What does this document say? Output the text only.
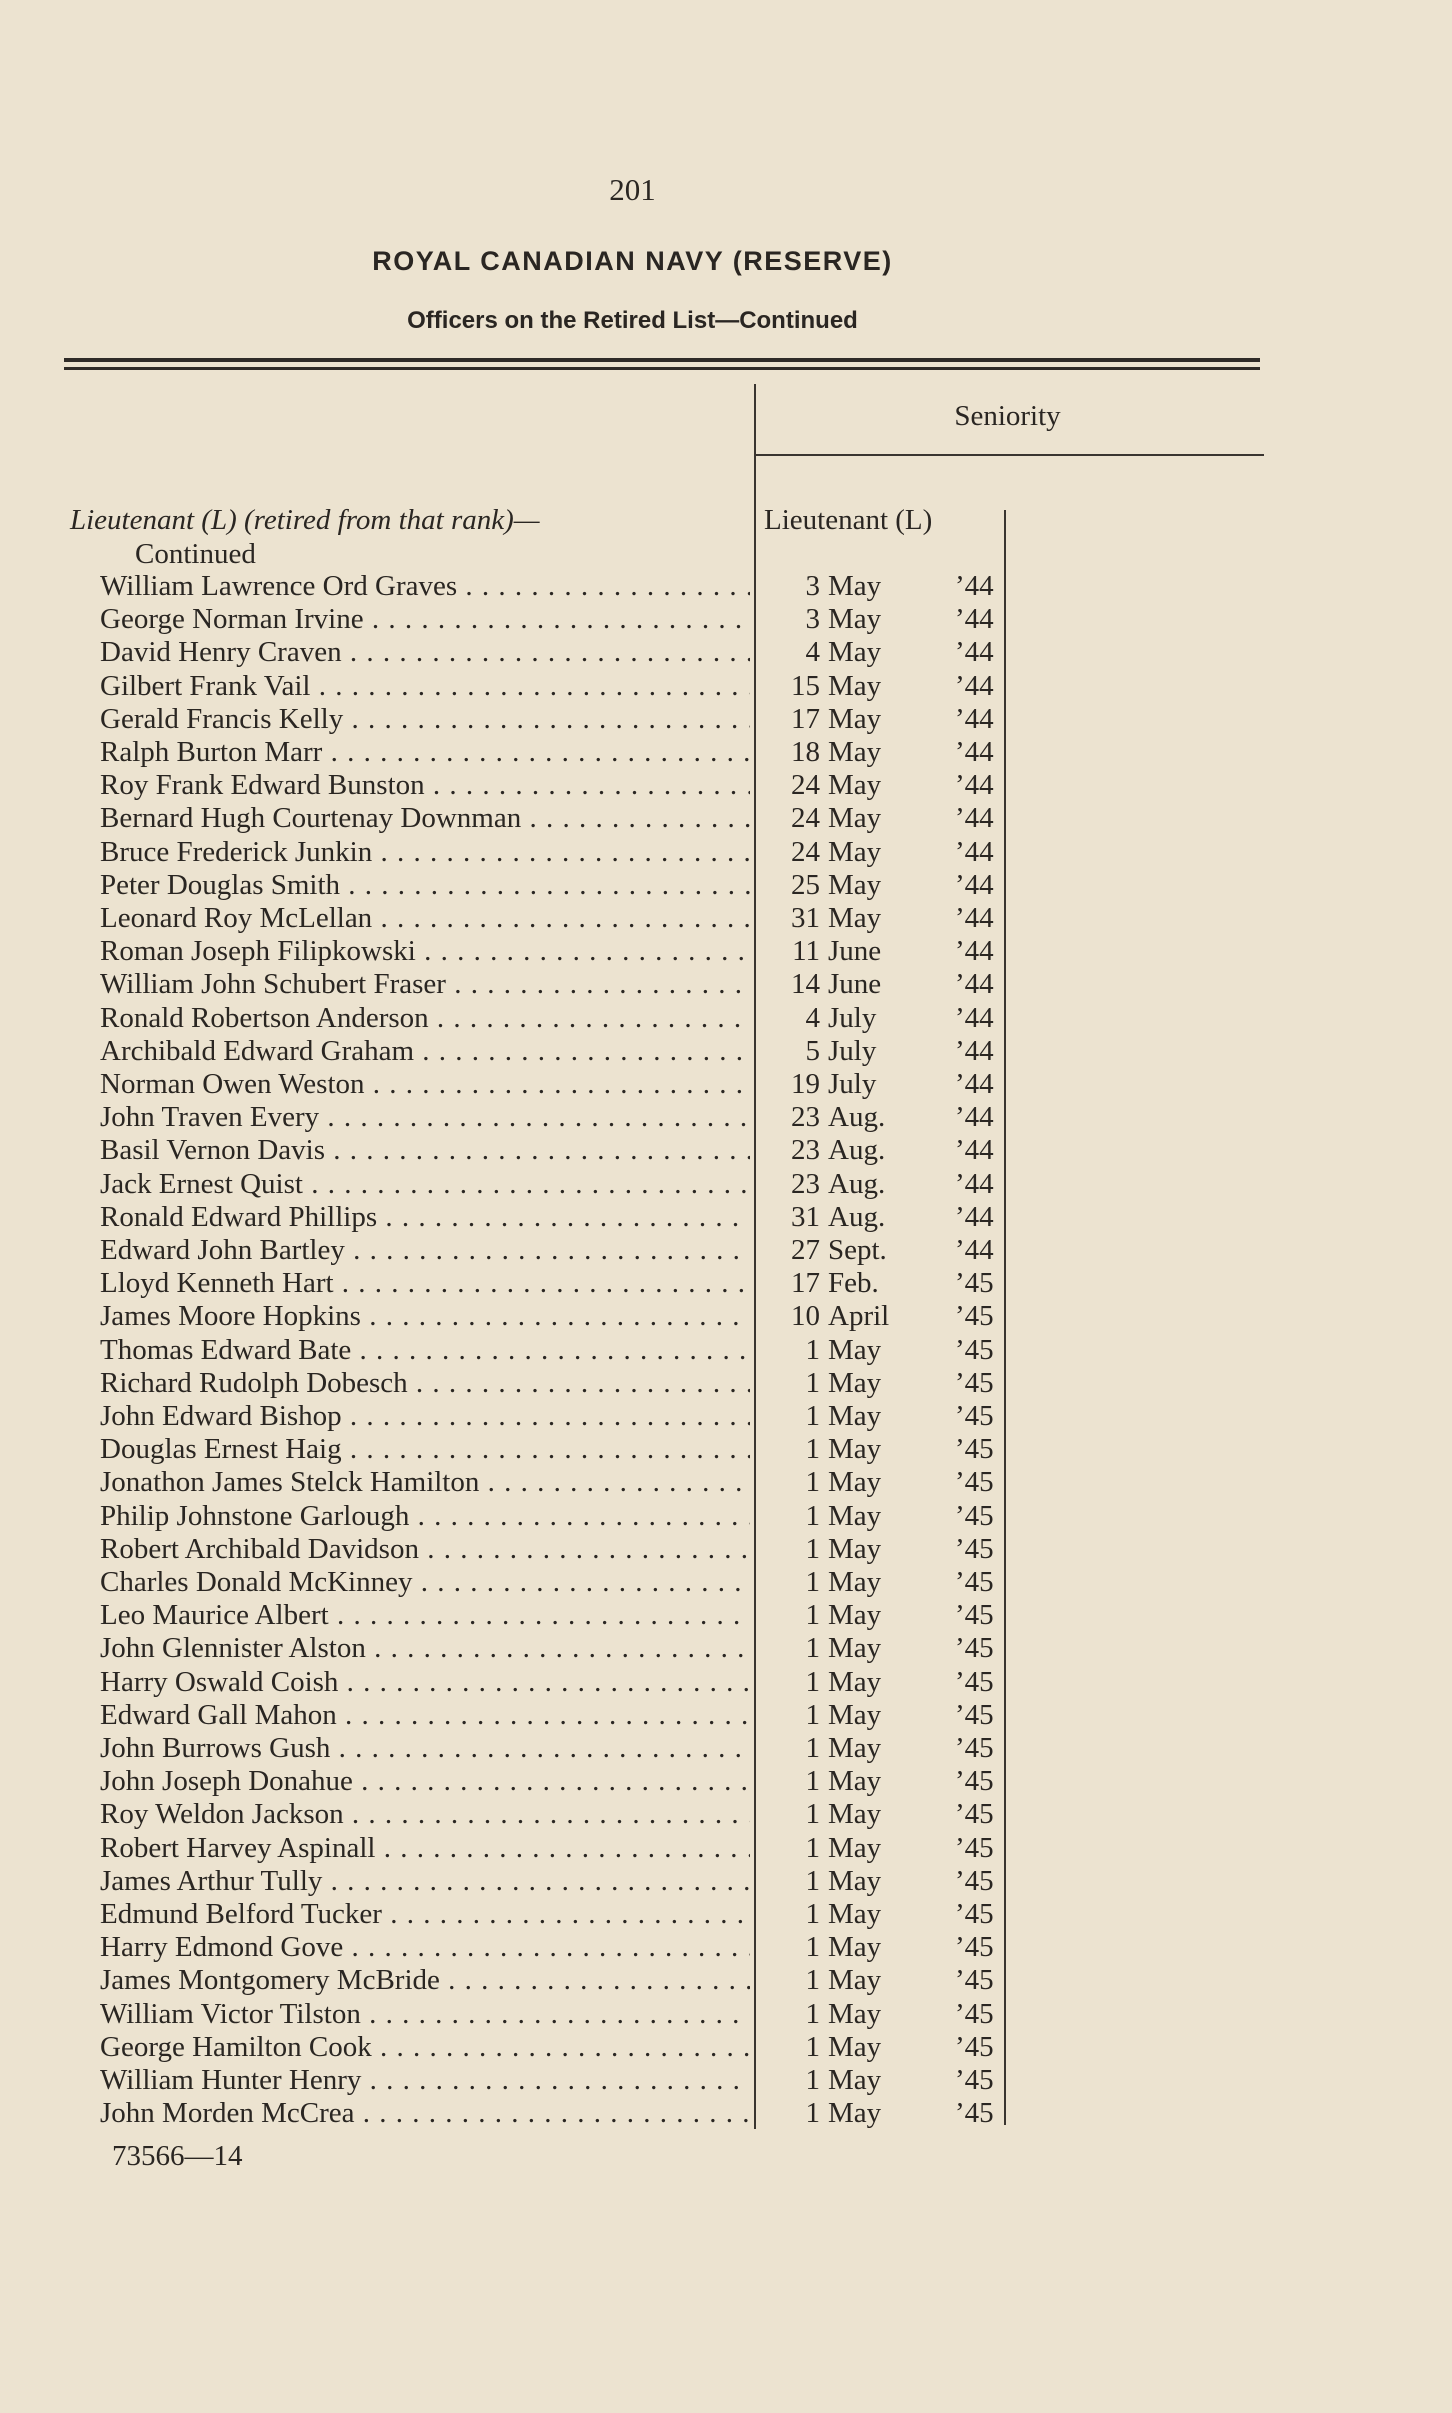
201
ROYAL CANADIAN NAVY (RESERVE)
Officers on the Retired List—Continued
Seniority
Lieutenant (L) (retired from that rank)—
Continued
Lieutenant (L)
William Lawrence Ord Graves . . .	3 May	’44
George Norman Irvine . . .	3 May	’44
David Henry Craven . . .	4 May	’44
Gilbert Frank Vail . . .	15 May	’44
Gerald Francis Kelly . . .	17 May	’44
Ralph Burton Marr . . .	18 May	’44
Roy Frank Edward Bunston . . .	24 May	’44
Bernard Hugh Courtenay Downman . . .	24 May	’44
Bruce Frederick Junkin . . .	24 May	’44
Peter Douglas Smith . . .	25 May	’44
Leonard Roy McLellan . . .	31 May	’44
Roman Joseph Filipkowski . . .	11 June	’44
William John Schubert Fraser . . .	14 June	’44
Ronald Robertson Anderson . . .	4 July	’44
Archibald Edward Graham . . .	5 July	’44
Norman Owen Weston . . .	19 July	’44
John Traven Every . . .	23 Aug.	’44
Basil Vernon Davis . . .	23 Aug.	’44
Jack Ernest Quist . . .	23 Aug.	’44
Ronald Edward Phillips . . .	31 Aug.	’44
Edward John Bartley . . .	27 Sept.	’44
Lloyd Kenneth Hart . . .	17 Feb.	’45
James Moore Hopkins . . .	10 April	’45
Thomas Edward Bate . . .	1 May	’45
Richard Rudolph Dobesch . . .	1 May	’45
John Edward Bishop . . .	1 May	’45
Douglas Ernest Haig . . .	1 May	’45
Jonathon James Stelck Hamilton . . .	1 May	’45
Philip Johnstone Garlough . . .	1 May	’45
Robert Archibald Davidson . . .	1 May	’45
Charles Donald McKinney . . .	1 May	’45
Leo Maurice Albert . . .	1 May	’45
John Glennister Alston . . .	1 May	’45
Harry Oswald Coish . . .	1 May	’45
Edward Gall Mahon . . .	1 May	’45
John Burrows Gush . . .	1 May	’45
John Joseph Donahue . . .	1 May	’45
Roy Weldon Jackson . . .	1 May	’45
Robert Harvey Aspinall . . .	1 May	’45
James Arthur Tully . . .	1 May	’45
Edmund Belford Tucker . . .	1 May	’45
Harry Edmond Gove . . .	1 May	’45
James Montgomery McBride . . .	1 May	’45
William Victor Tilston . . .	1 May	’45
George Hamilton Cook . . .	1 May	’45
William Hunter Henry . . .	1 May	’45
John Morden McCrea . . .	1 May	’45
73566—14
